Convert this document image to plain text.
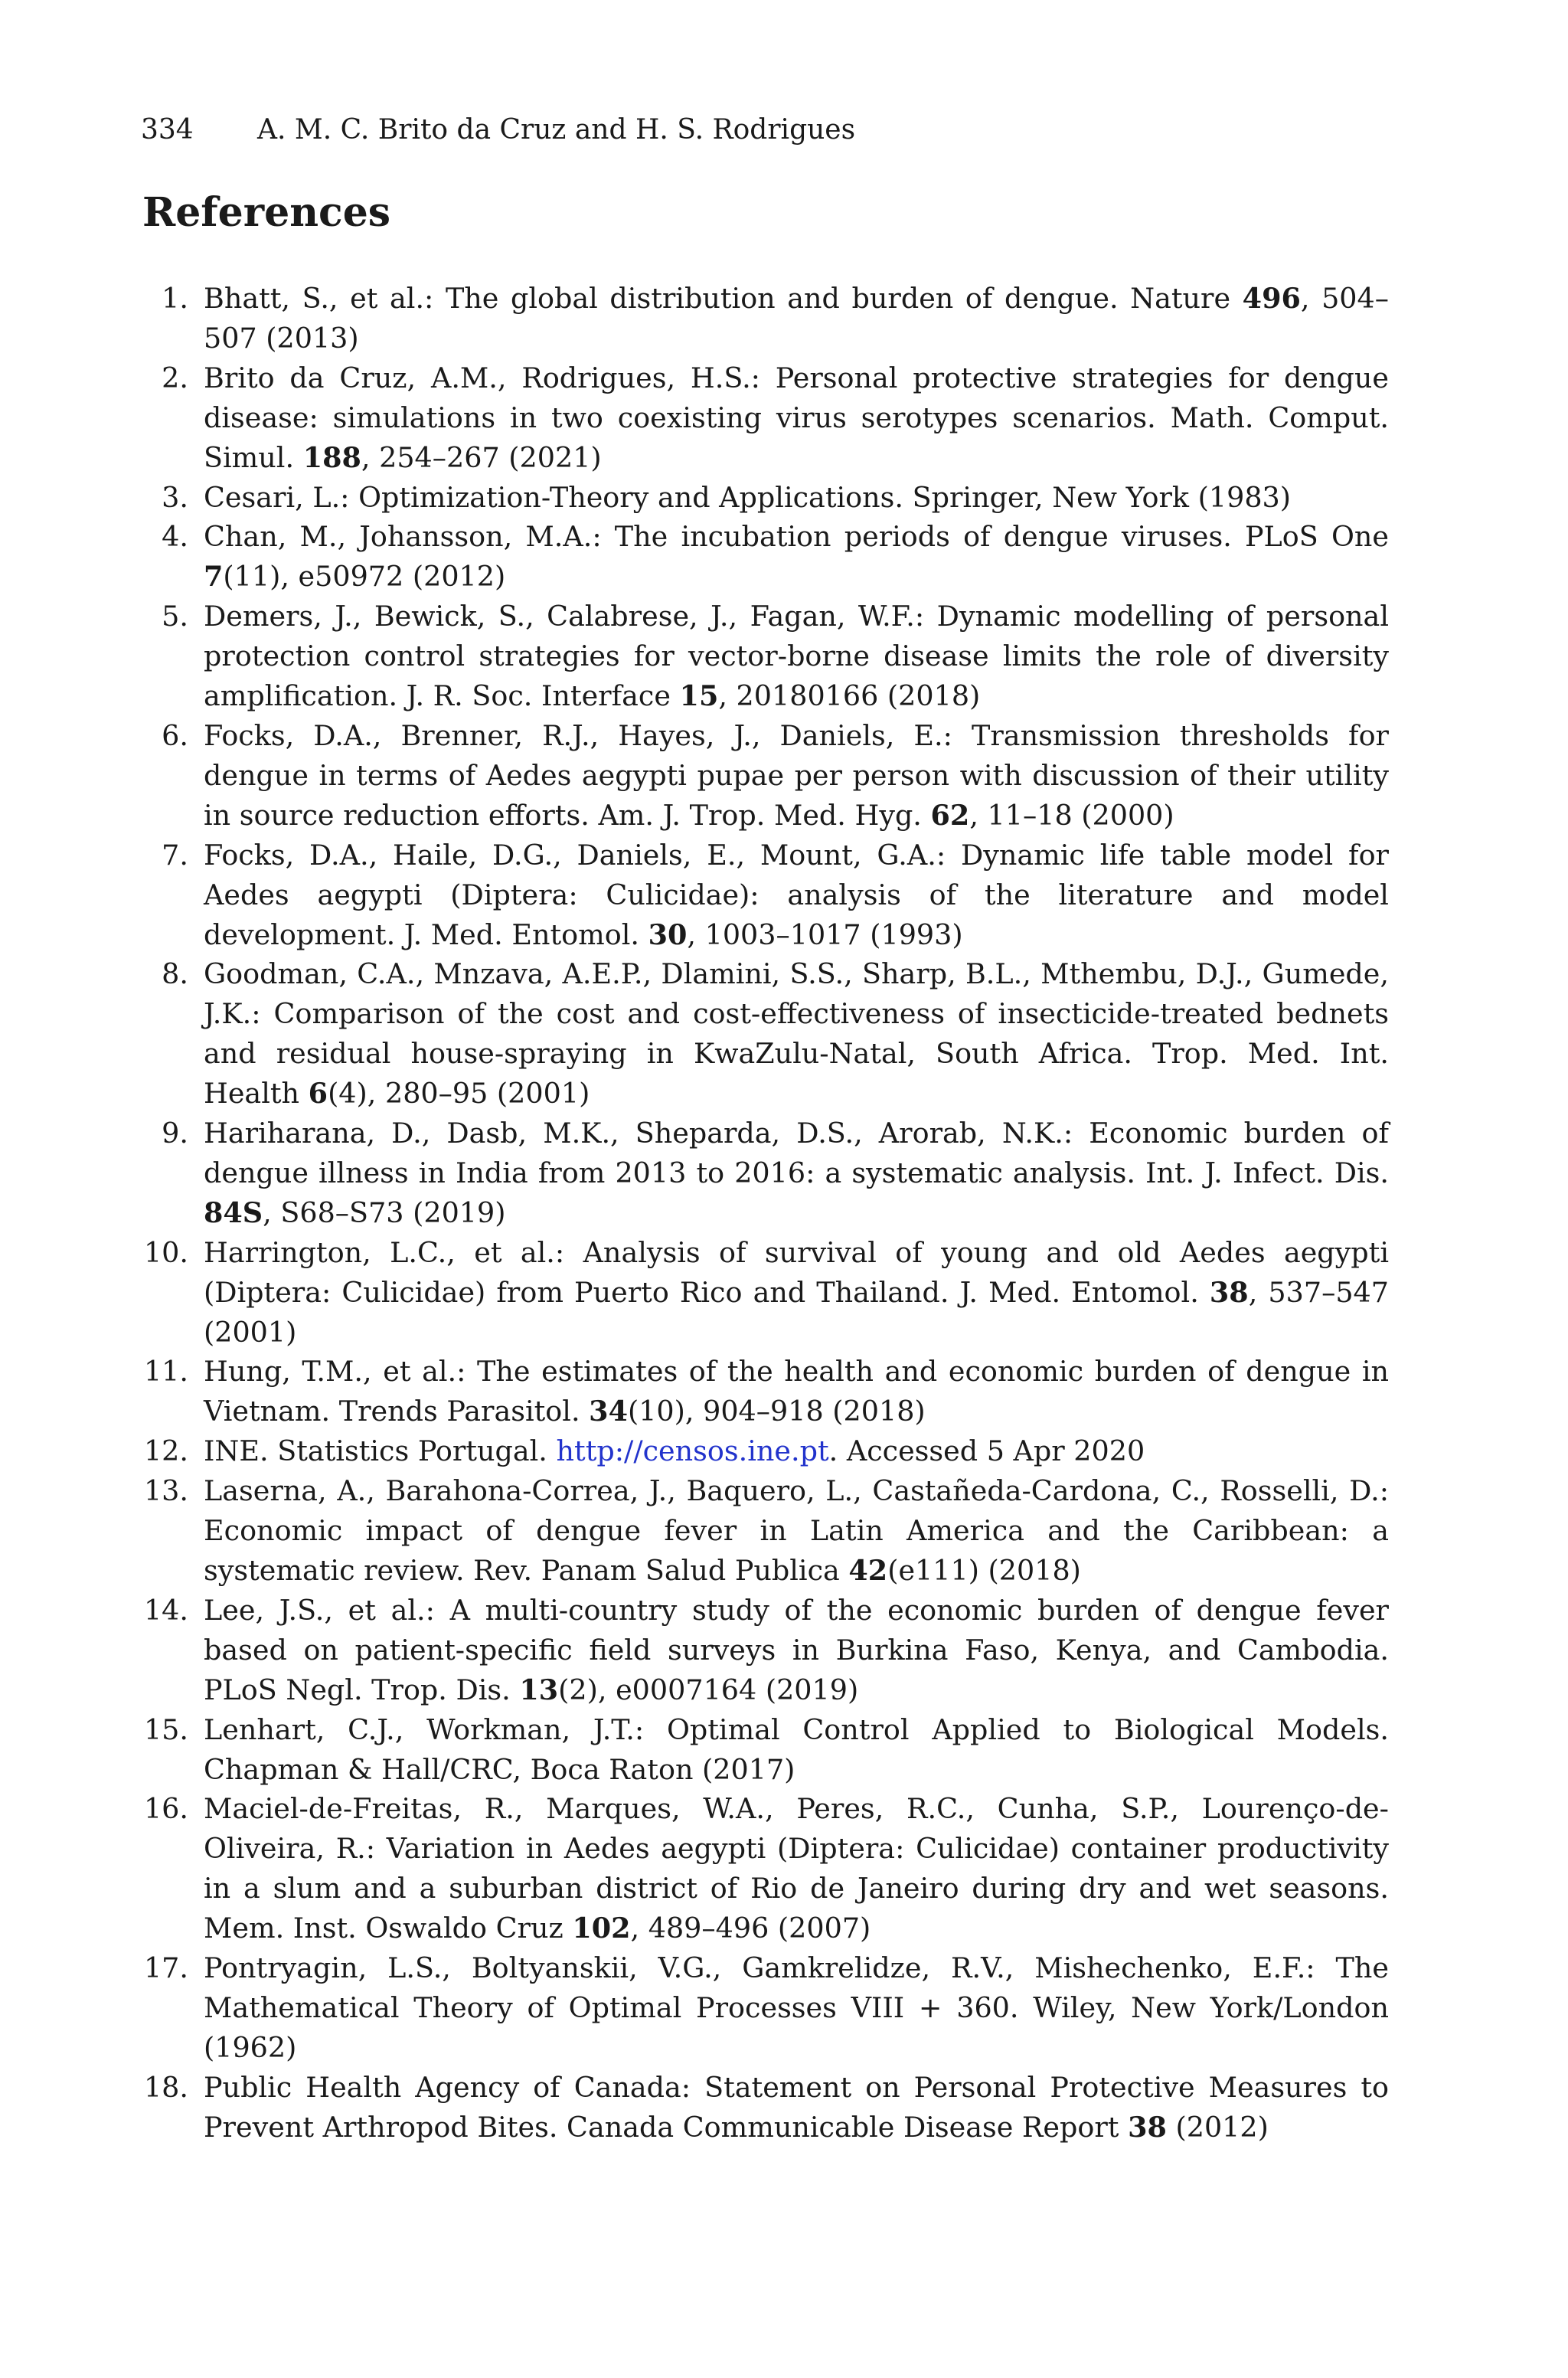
334 A. M. C. Brito da Cruz and H. S. Rodrigues
References
1. Bhatt, S., et al.: The global distribution and burden of dengue. Nature 496, 504–507 (2013)
2. Brito da Cruz, A.M., Rodrigues, H.S.: Personal protective strategies for dengue disease: simulations in two coexisting virus serotypes scenarios. Math. Comput. Simul. 188, 254–267 (2021)
3. Cesari, L.: Optimization-Theory and Applications. Springer, New York (1983)
4. Chan, M., Johansson, M.A.: The incubation periods of dengue viruses. PLoS One 7(11), e50972 (2012)
5. Demers, J., Bewick, S., Calabrese, J., Fagan, W.F.: Dynamic modelling of personal protection control strategies for vector-borne disease limits the role of diversity amplification. J. R. Soc. Interface 15, 20180166 (2018)
6. Focks, D.A., Brenner, R.J., Hayes, J., Daniels, E.: Transmission thresholds for dengue in terms of Aedes aegypti pupae per person with discussion of their utility in source reduction efforts. Am. J. Trop. Med. Hyg. 62, 11–18 (2000)
7. Focks, D.A., Haile, D.G., Daniels, E., Mount, G.A.: Dynamic life table model for Aedes aegypti (Diptera: Culicidae): analysis of the literature and model development. J. Med. Entomol. 30, 1003–1017 (1993)
8. Goodman, C.A., Mnzava, A.E.P., Dlamini, S.S., Sharp, B.L., Mthembu, D.J., Gumede, J.K.: Comparison of the cost and cost-effectiveness of insecticide-treated bednets and residual house-spraying in KwaZulu-Natal, South Africa. Trop. Med. Int. Health 6(4), 280–95 (2001)
9. Hariharana, D., Dasb, M.K., Sheparda, D.S., Arorab, N.K.: Economic burden of dengue illness in India from 2013 to 2016: a systematic analysis. Int. J. Infect. Dis. 84S, S68–S73 (2019)
10. Harrington, L.C., et al.: Analysis of survival of young and old Aedes aegypti (Diptera: Culicidae) from Puerto Rico and Thailand. J. Med. Entomol. 38, 537–547 (2001)
11. Hung, T.M., et al.: The estimates of the health and economic burden of dengue in Vietnam. Trends Parasitol. 34(10), 904–918 (2018)
12. INE. Statistics Portugal. http://censos.ine.pt. Accessed 5 Apr 2020
13. Laserna, A., Barahona-Correa, J., Baquero, L., Castañeda-Cardona, C., Rosselli, D.: Economic impact of dengue fever in Latin America and the Caribbean: a systematic review. Rev. Panam Salud Publica 42(e111) (2018)
14. Lee, J.S., et al.: A multi-country study of the economic burden of dengue fever based on patient-specific field surveys in Burkina Faso, Kenya, and Cambodia. PLoS Negl. Trop. Dis. 13(2), e0007164 (2019)
15. Lenhart, C.J., Workman, J.T.: Optimal Control Applied to Biological Models. Chapman & Hall/CRC, Boca Raton (2017)
16. Maciel-de-Freitas, R., Marques, W.A., Peres, R.C., Cunha, S.P., Lourenço-de-Oliveira, R.: Variation in Aedes aegypti (Diptera: Culicidae) container productivity in a slum and a suburban district of Rio de Janeiro during dry and wet seasons. Mem. Inst. Oswaldo Cruz 102, 489–496 (2007)
17. Pontryagin, L.S., Boltyanskii, V.G., Gamkrelidze, R.V., Mishechenko, E.F.: The Mathematical Theory of Optimal Processes VIII + 360. Wiley, New York/London (1962)
18. Public Health Agency of Canada: Statement on Personal Protective Measures to Prevent Arthropod Bites. Canada Communicable Disease Report 38 (2012)
